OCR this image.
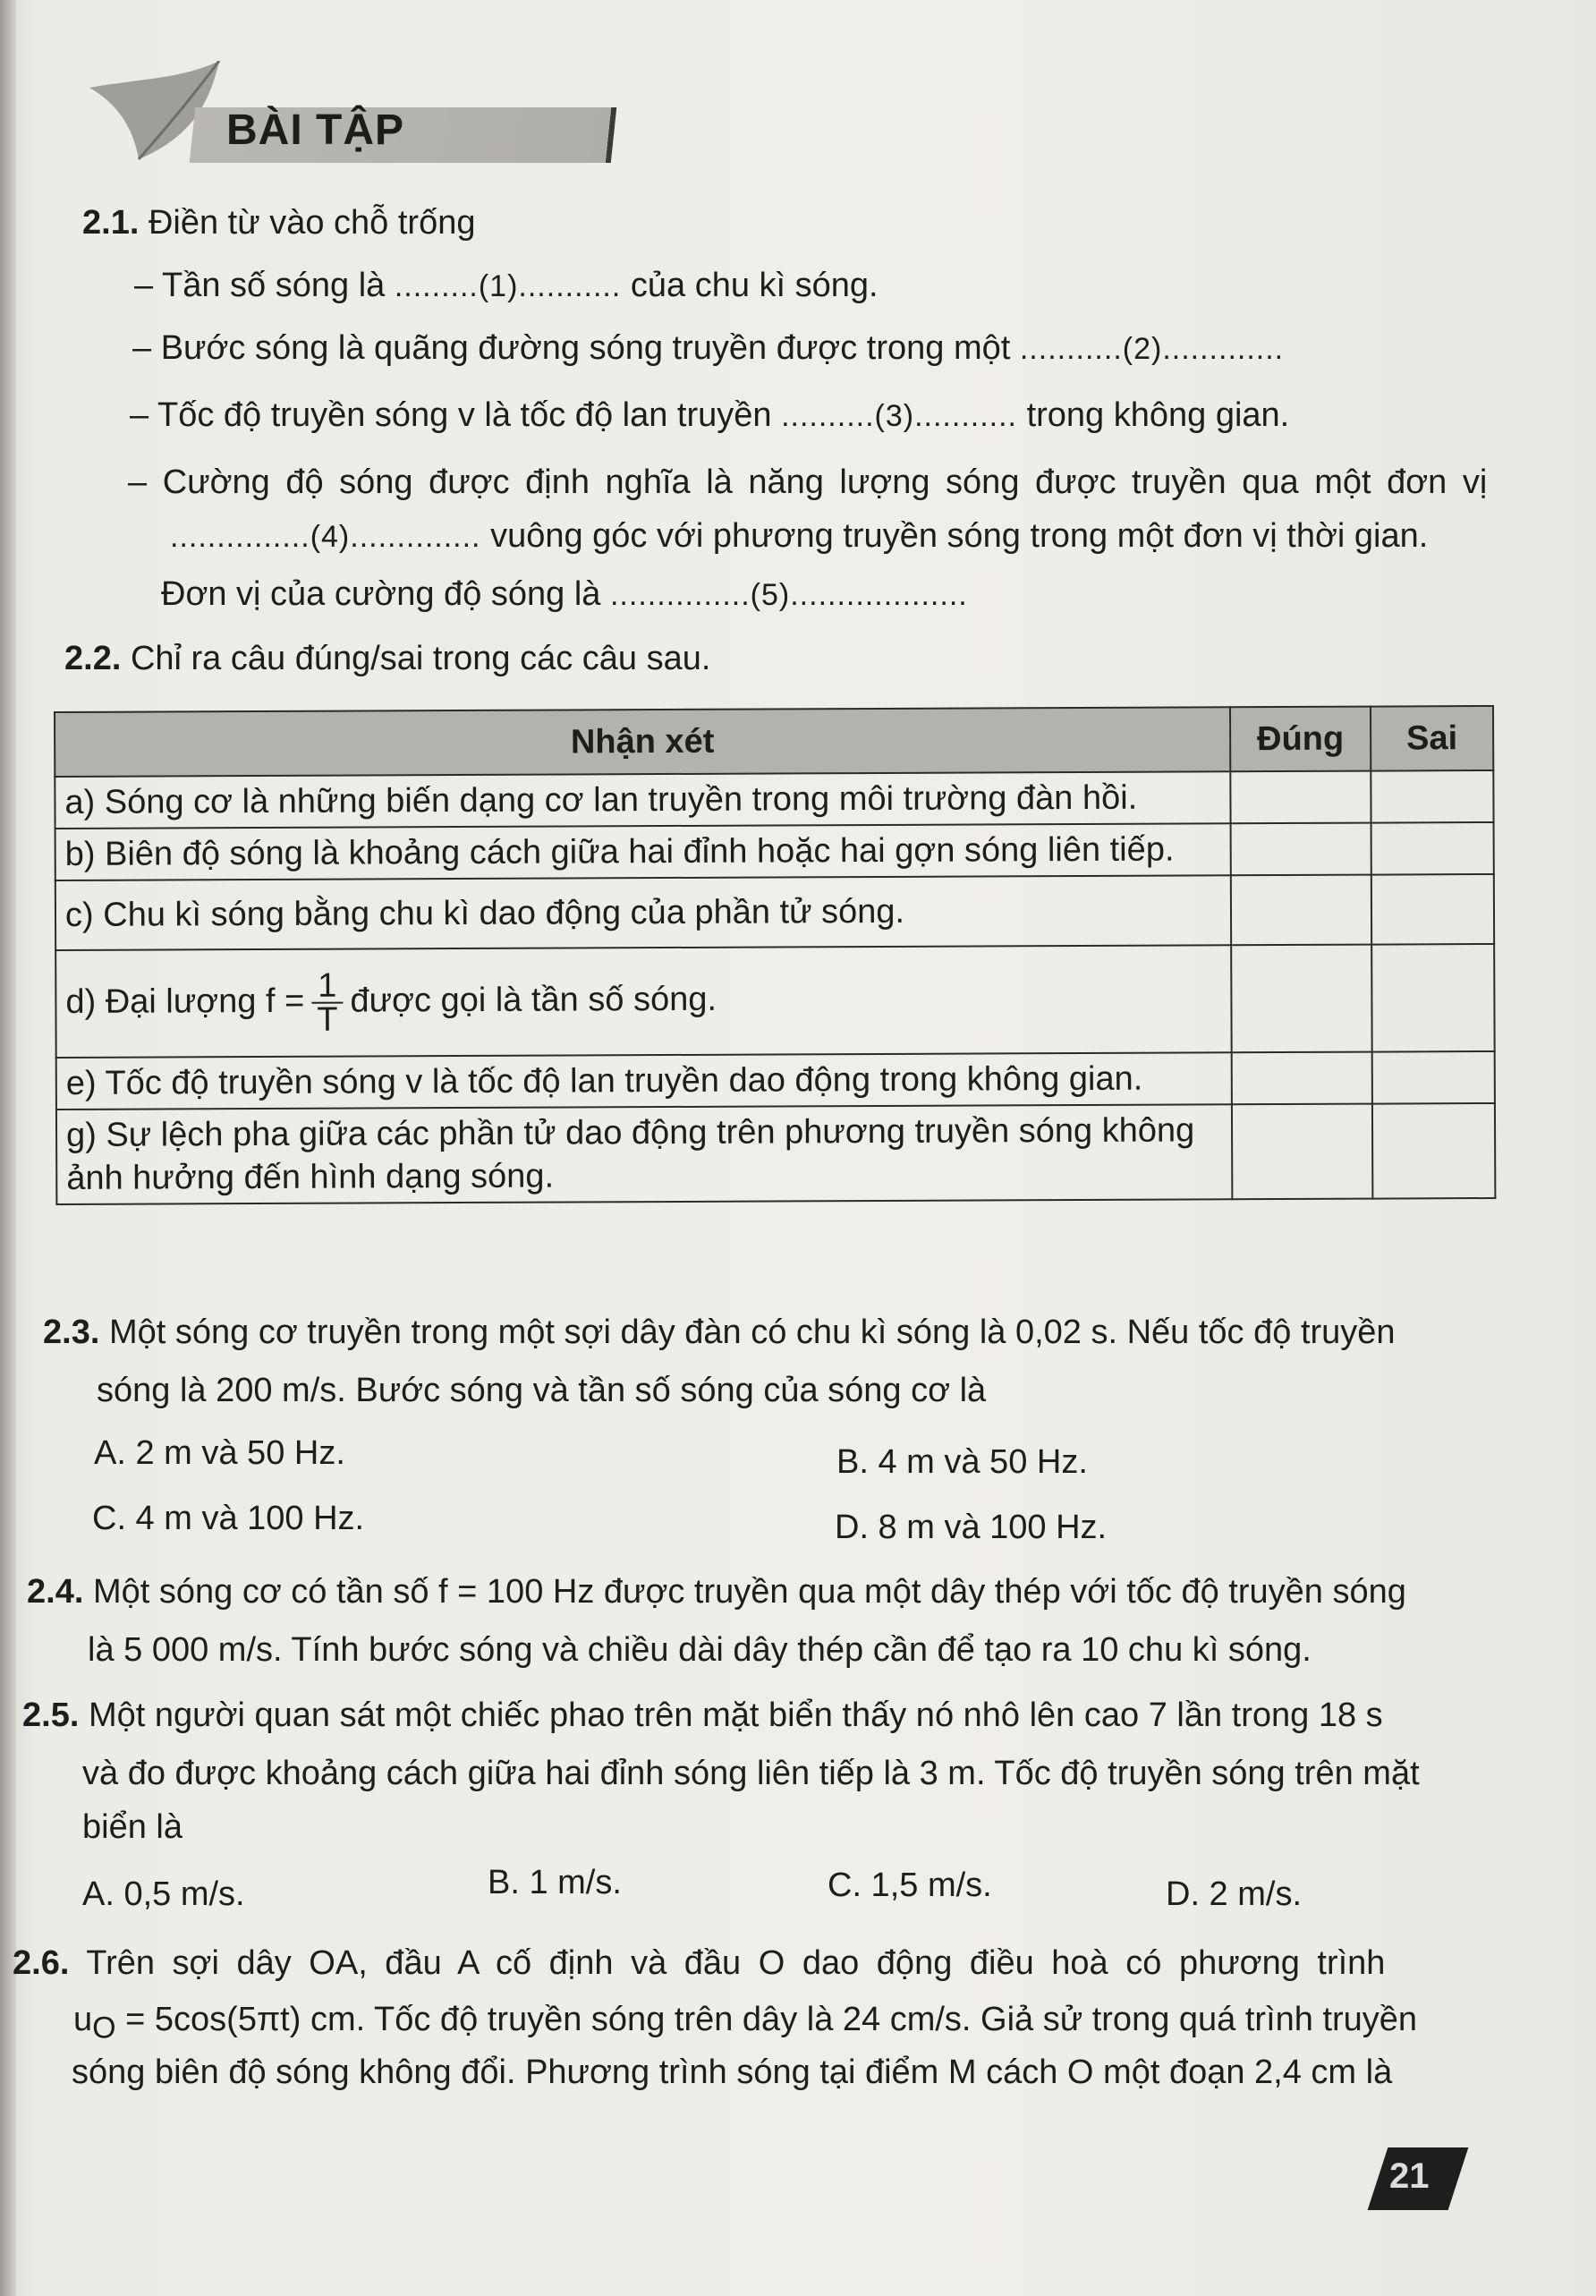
BÀI TẬP
2.1. Điền từ vào chỗ trống
– Tần số sóng là .........(1)........... của chu kì sóng.
– Bước sóng là quãng đường sóng truyền được trong một ...........(2).............
– Tốc độ truyền sóng v là tốc độ lan truyền ..........(3)........... trong không gian.
– Cường độ sóng được định nghĩa là năng lượng sóng được truyền qua một đơn vị
...............(4).............. vuông góc với phương truyền sóng trong một đơn vị thời gian.
Đơn vị của cường độ sóng là ...............(5)...................
2.2. Chỉ ra câu đúng/sai trong các câu sau.
Nhận xét	Đúng	Sai
a) Sóng cơ là những biến dạng cơ lan truyền trong môi trường đàn hồi.		
b) Biên độ sóng là khoảng cách giữa hai đỉnh hoặc hai gợn sóng liên tiếp.		
c) Chu kì sóng bằng chu kì dao động của phần tử sóng.		
d) Đại lượng $f = \frac{1}{T}$ được gọi là tần số sóng.		
e) Tốc độ truyền sóng v là tốc độ lan truyền dao động trong không gian.		

g) Sự lệch pha giữa các phần tử dao động trên phương truyền sóng không
ảnh hưởng đến hình dạng sóng.		

2.3. Một sóng cơ truyền trong một sợi dây đàn có chu kì sóng là 0,02 s. Nếu tốc độ truyền
sóng là 200 m/s. Bước sóng và tần số sóng của sóng cơ là
A. 2 m và 50 Hz.	B. 4 m và 50 Hz.
C. 4 m và 100 Hz.	D. 8 m và 100 Hz.
2.4. Một sóng cơ có tần số f = 100 Hz được truyền qua một dây thép với tốc độ truyền sóng
là 5 000 m/s. Tính bước sóng và chiều dài dây thép cần để tạo ra 10 chu kì sóng.
2.5. Một người quan sát một chiếc phao trên mặt biển thấy nó nhô lên cao 7 lần trong 18 s
và đo được khoảng cách giữa hai đỉnh sóng liên tiếp là 3 m. Tốc độ truyền sóng trên mặt
biển là
A. 0,5 m/s.	B. 1 m/s.	C. 1,5 m/s.	D. 2 m/s.
2.6. Trên sợi dây OA, đầu A cố định và đầu O dao động điều hoà có phương trình
$u_O = 5\cos(5\pi t)$ cm. Tốc độ truyền sóng trên dây là 24 cm/s. Giả sử trong quá trình truyền
sóng biên độ sóng không đổi. Phương trình sóng tại điểm M cách O một đoạn 2,4 cm là
21
